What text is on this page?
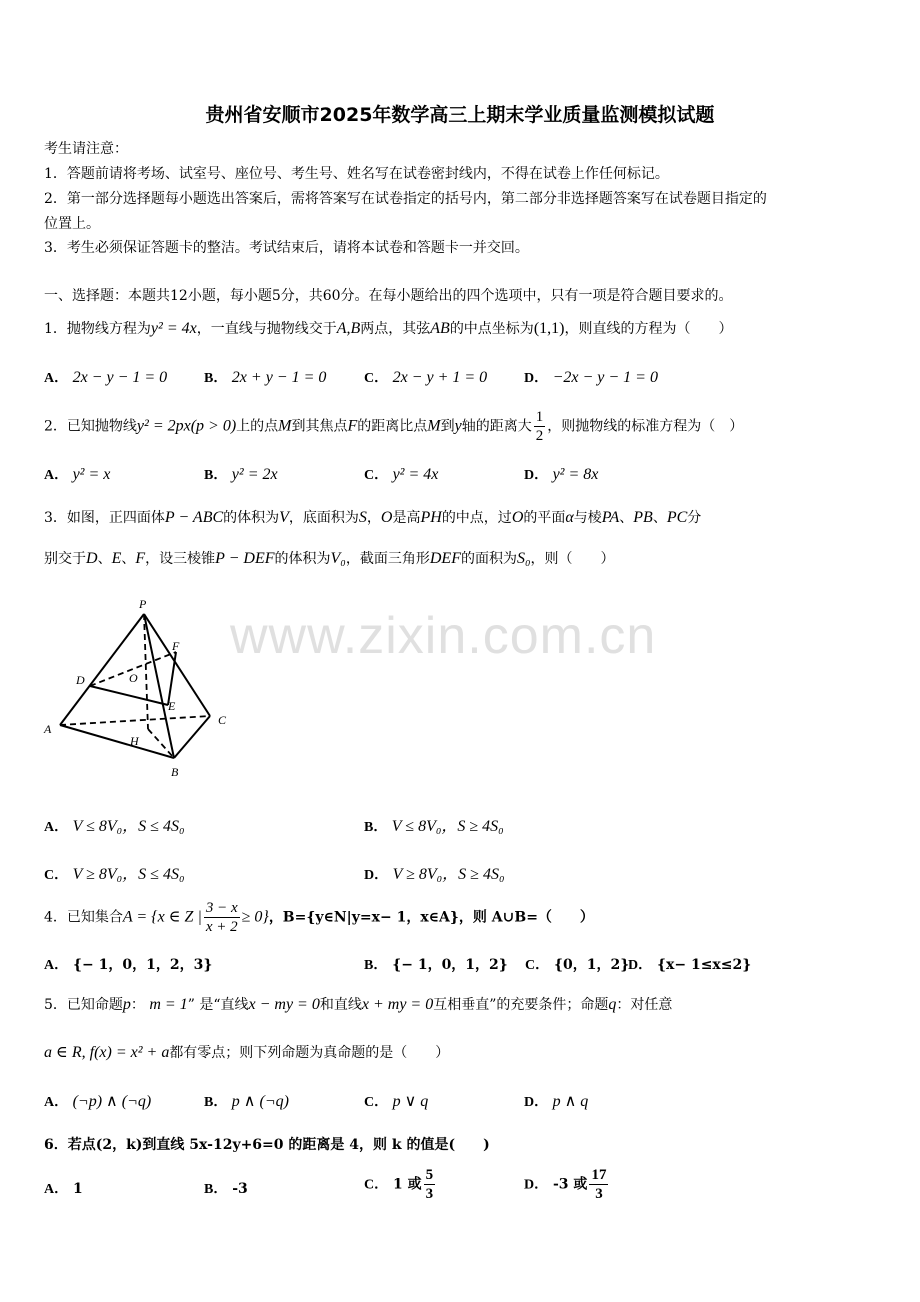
贵州省安顺市2025年数学高三上期末学业质量监测模拟试题
考生请注意：
1．答题前请将考场、试室号、座位号、考生号、姓名写在试卷密封线内，不得在试卷上作任何标记。
2．第一部分选择题每小题选出答案后，需将答案写在试卷指定的括号内，第二部分非选择题答案写在试卷题目指定的
位置上。
3．考生必须保证答题卡的整洁。考试结束后，请将本试卷和答题卡一并交回。
一、选择题：本题共12小题，每小题5分，共60分。在每小题给出的四个选项中，只有一项是符合题目要求的。
1．抛物线方程为y² = 4x，一直线与抛物线交于A,B两点，其弦AB的中点坐标为(1,1)，则直线的方程为（　　）
A． 2x − y − 1 = 0	B． 2x + y − 1 = 0	C． 2x − y + 1 = 0	D． −2x − y − 1 = 0
2．已知抛物线y² = 2px(p > 0)上的点M到其焦点F的距离比点M到y轴的距离大 $\frac{1}{2}$ ，则抛物线的标准方程为（　）
A． y² = x	B． y² = 2x	C． y² = 4x	D． y² = 8x
3．如图，正四面体P − ABC的体积为V，底面积为S，O是高PH的中点，过O的平面α与棱PA、PB、PC分
别交于D、E、F，设三棱锥P − DEF的体积为V₀，截面三角形DEF的面积为S₀，则（　　）
www.zixin.com.cn
P
F
D	O
E
A
C
H
B
A． V ≤ 8V₀，S ≤ 4S₀	B． V ≤ 8V₀，S ≥ 4S₀
C． V ≥ 8V₀，S ≤ 4S₀	D． V ≥ 8V₀，S ≥ 4S₀
4．已知集合A = {x ∈ Z | $\frac{3 - x}{x + 2} \ge 0$}，B={y∈N|y=x− 1，x∈A}，则 A∪B=（　　）
A． {− 1，0，1，2，3}	B． {− 1，0，1，2} C． {0，1，2}
D． {x− 1≤x≤2}
5．已知命题p： m = 1” 是“直线x − my = 0和直线x + my = 0互相垂直”的充要条件；命题q：对任意
a ∈ R, f(x) = x² + a都有零点；则下列命题为真命题的是（　　）
A． (¬p) ∧ (¬q)	B． p ∧ (¬q)	C． p ∨ q	D． p ∧ q
6．若点(2，k)到直线 5x-12y+6=0 的距离是 4，则 k 的值是(　　)
A． 1	B． -3	C． 1 或 $\frac{5}{3}$	D． -3 或 $\frac{17}{3}$
